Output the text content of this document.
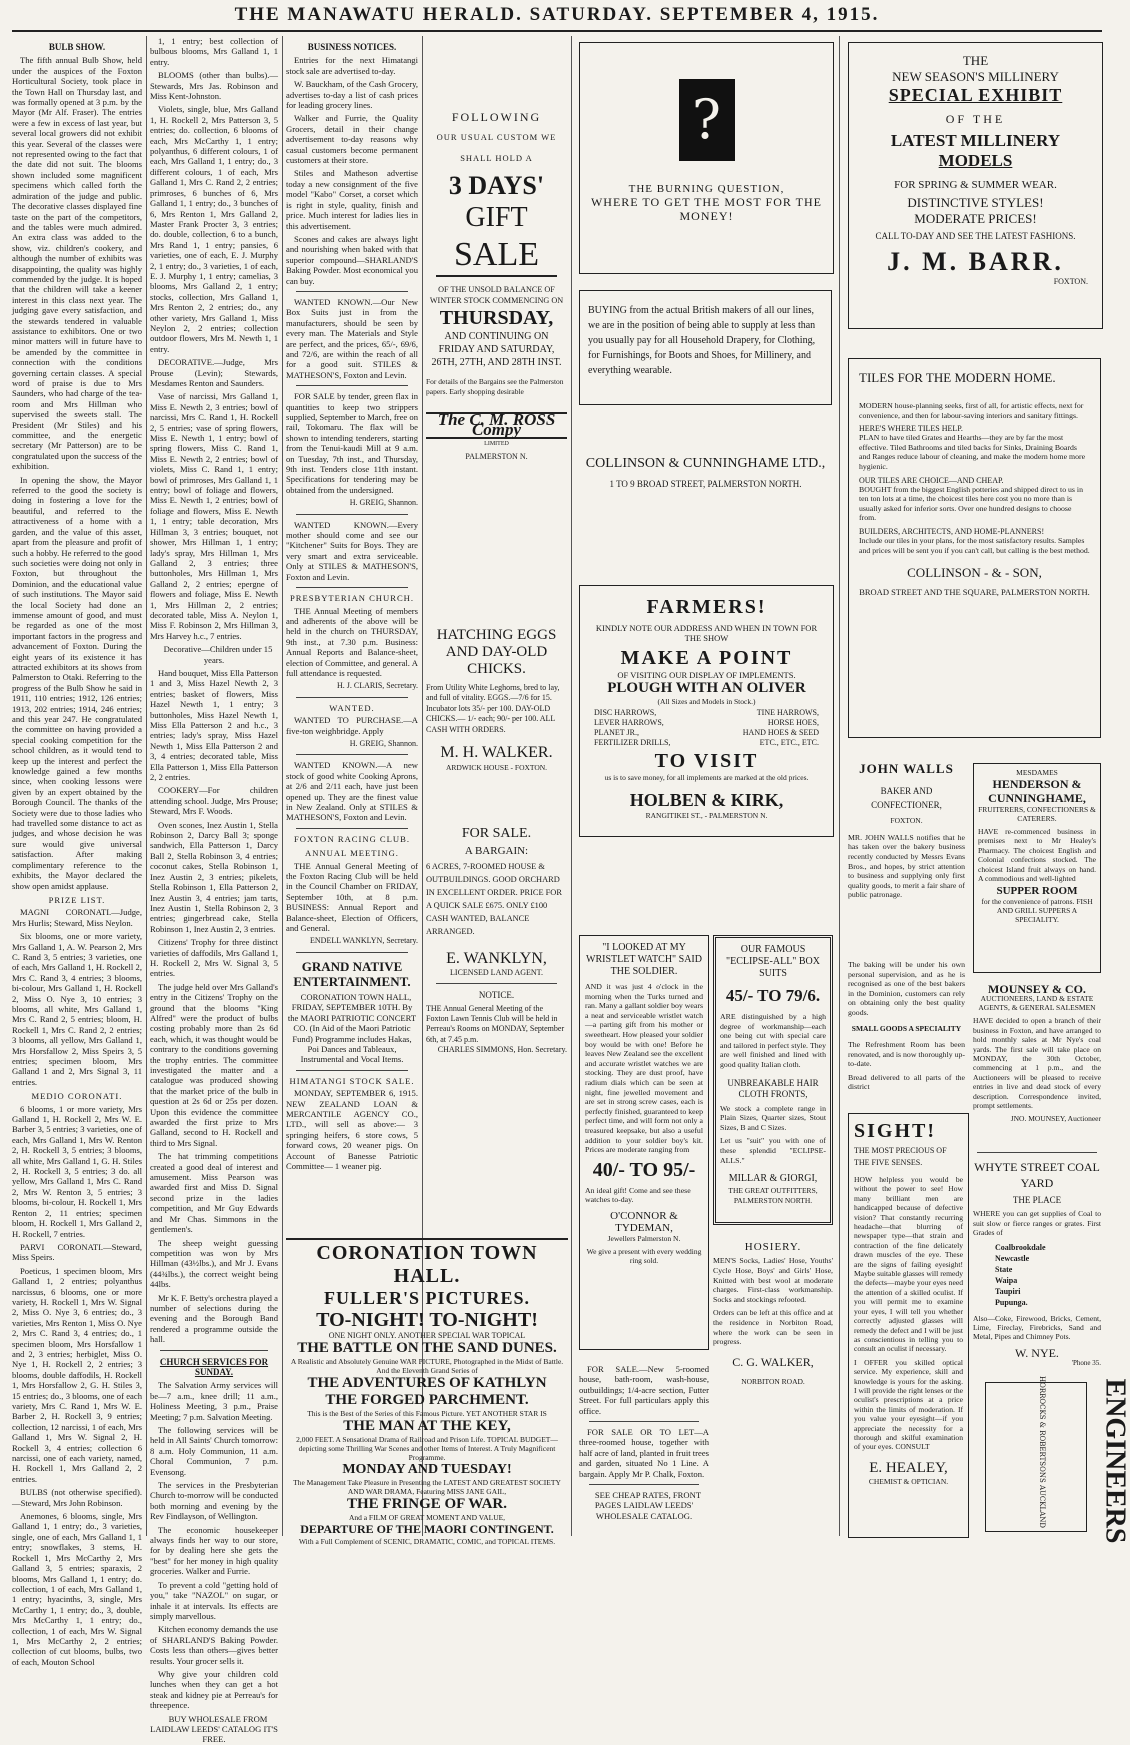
THE MANAWATU HERALD. SATURDAY. SEPTEMBER 4, 1915.
BULB SHOW.

The fifth annual Bulb Show, held under the auspices of the Foxton Horticultural Society, took place in the Town Hall on Thursday last, and was formally opened at 3 p.m. by the Mayor (Mr Alf. Fraser). The entries were a few in excess of last year, but several local growers did not exhibit this year. Several of the classes were not represented owing to the fact that the date did not suit. The blooms shown included some magnificent specimens which called forth the admiration of the judge and public. The decorative classes displayed fine taste on the part of the competitors, and the tables were much admired. An extra class was added to the show, viz. children's cookery, and although the number of exhibits was disappointing, the quality was highly commended by the judge. It is hoped that the children will take a keener interest in this class next year. The judging gave every satisfaction, and the stewards tendered in valuable assistance to exhibitors. One or two minor matters will in future have to be amended by the committee in connection with the conditions governing certain classes. A special word of praise is due to Mrs Saunders, who had charge of the tea-room and Mrs Hillman who supervised the sweets stall. The President (Mr Stiles) and his committee, and the energetic secretary (Mr Patterson) are to be congratulated upon the success of the exhibition.

In opening the show, the Mayor referred to the good the society is doing in fostering a love for the beautiful, and referred to the attractiveness of a home with a garden, and the value of this asset, apart from the pleasure and profit of such a hobby. He referred to the good such societies were doing not only in Foxton, but throughout the Dominion, and the educational value of such institutions. The Mayor said the local Society had done an immense amount of good, and must be regarded as one of the most important factors in the progress and advancement of Foxton. During the eight years of its existence it has attracted exhibitors at its shows from Palmerston to Otaki. Referring to the progress of the Bulb Show he said in 1911, 110 entries; 1912, 126 entries; 1913, 202 entries; 1914, 246 entries; and this year 247. He congratulated the committee on having provided a special cooking competition for the school children, as it would tend to keep up the interest and perfect the knowledge gained a few months since, when cooking lessons were given by an expert obtained by the Borough Council. The thanks of the Society were due to those ladies who had travelled some distance to act as judges, and whose decision he was sure would give universal satisfaction. After making complimentary reference to the exhibits, the Mayor declared the show open amidst applause.

PRIZE LIST.

MAGNI CORONATI.—Judge, Mrs Hurlis; Steward, Miss Neylon.

Six blooms, one or more variety, Mrs Galland 1, A. W. Pearson 2, Mrs C. Rand 3, 5 entries; 3 varieties, one of each, Mrs Galland 1, H. Rockell 2, Mrs C. Rand 3, 4 entries; 3 blooms, bi-colour, Mrs Galland 1, H. Rockell 2, Miss O. Nye 3, 10 entries; 3 blooms, all white, Mrs Galland 1, Mrs C. Rand 2, 5 entries; bloom, H. Rockell 1, Mrs C. Rand 2, 2 entries; 3 blooms, all yellow, Mrs Galland 1, Mrs Horsfallow 2, Miss Speirs 3, 5 entries; specimen bloom, Mrs Galland 1 and 2, Mrs Signal 3, 11 entries.

MEDIO CORONATI.

6 blooms, 1 or more variety, Mrs Galland 1, H. Rockell 2, Mrs W. E. Barber 3, 5 entries; 3 varieties, one of each, Mrs Galland 1, Mrs W. Renton 2, H. Rockell 3, 5 entries; 3 blooms, all white, Mrs Galland 1, G. H. Stiles 2, H. Rockell 3, 5 entries; 3 do. all yellow, Mrs Galland 1, Mrs C. Rand 2, Mrs W. Renton 3, 5 entries; 3 blooms, bi-colour, H. Rockell 1, Mrs Renton 2, 11 entries; specimen bloom, H. Rockell 1, Mrs Galland 2, H. Rockell, 7 entries.

PARVI CORONATI.—Steward, Miss Speirs.

Poeticus, 1 specimen bloom, Mrs Galland 1, 2 entries; polyanthus narcissus, 6 blooms, one or more variety, H. Rockell 1, Mrs W. Signal 2, Miss O. Nye 3, 6 entries; do., 3 varieties, Mrs Renton 1, Miss O. Nye 2, Mrs C. Rand 3, 4 entries; do., 1 specimen bloom, Mrs Horsfallow 1 and 2, 3 entries; herbiglet, Miss O. Nye 1, H. Rockell 2, 2 entries; 3 blooms, double daffodils, H. Rockell 1, Mrs Horsfallow 2, G. H. Stiles 3, 15 entries; do., 3 blooms, one of each variety, Mrs C. Rand 1, Mrs W. E. Barber 2, H. Rockell 3, 9 entries; collection, 12 narcissi, 1 of each, Mrs Galland 1, Mrs W. Signal 2, H. Rockell 3, 4 entries; collection 6 narcissi, one of each variety, named, H. Rockell 1, Mrs Galland 2, 2 entries.

BULBS (not otherwise specified).—Steward, Mrs John Robinson.

Anemones, 6 blooms, single, Mrs Galland 1, 1 entry; do., 3 varieties, single, one of each, Mrs Galland 1, 1 entry; snowflakes, 3 stems, H. Rockell 1, Mrs McCarthy 2, Mrs Galland 3, 5 entries; sparaxis, 2 blooms, Mrs Galland 1, 1 entry; do. collection, 1 of each, Mrs Galland 1, 1 entry; hyacinths, 3, single, Mrs McCarthy 1, 1 entry; do., 3, double, Mrs McCarthy 1, 1 entry; do., collection, 1 of each, Mrs W. Signal 1, Mrs McCarthy 2, 2 entries; collection of cut blooms, bulbs, two of each, Mouton School

1, 1 entry; best collection of bulbous blooms, Mrs Galland 1, 1 entry.

BLOOMS (other than bulbs).—Stewards, Mrs Jas. Robinson and Miss Kent-Johnston.

Violets, single, blue, Mrs Galland 1, H. Rockell 2, Mrs Patterson 3, 5 entries; do. collection, 6 blooms of each, Mrs McCarthy 1, 1 entry; polyanthus, 6 different colours, 1 of each, Mrs Galland 1, 1 entry; do., 3 different colours, 1 of each, Mrs Galland 1, Mrs C. Rand 2, 2 entries; primroses, 6 bunches of 6, Mrs Galland 1, 1 entry; do., 3 bunches of 6, Mrs Renton 1, Mrs Galland 2, Master Frank Procter 3, 3 entries; do. double, collection, 6 to a bunch, Mrs Rand 1, 1 entry; pansies, 6 varieties, one of each, E. J. Murphy 2, 1 entry; do., 3 varieties, 1 of each, E. J. Murphy 1, 1 entry; camelias, 3 blooms, Mrs Galland 2, 1 entry; stocks, collection, Mrs Galland 1, Mrs Renton 2, 2 entries; do., any other variety, Mrs Galland 1, Miss Neylon 2, 2 entries; collection outdoor flowers, Mrs M. Newth 1, 1 entry.

DECORATIVE.—Judge, Mrs Prouse (Levin); Stewards, Mesdames Renton and Saunders.

Vase of narcissi, Mrs Galland 1, Miss E. Newth 2, 3 entries; bowl of narcissi, Mrs C. Rand 1, H. Rockell 2, 5 entries; vase of spring flowers, Miss E. Newth 1, 1 entry; bowl of spring flowers, Miss C. Rand 1, Miss E. Newth 2, 2 entries; bowl of violets, Miss C. Rand 1, 1 entry; bowl of primroses, Mrs Galland 1, 1 entry; bowl of foliage and flowers, Miss E. Newth 1, 2 entries; bowl of foliage and flowers, Miss E. Newth 1, 1 entry; table decoration, Mrs Hillman 3, 3 entries; bouquet, not shower, Mrs Hillman 1, 1 entry; lady's spray, Mrs Hillman 1, Mrs Galland 2, 3 entries; three buttonholes, Mrs Hillman 1, Mrs Galland 2, 2 entries; epergne of flowers and foliage, Miss E. Newth 1, Mrs Hillman 2, 2 entries; decorated table, Miss A. Neylon 1, Miss F. Robinson 2, Mrs Hillman 3, Mrs Harvey h.c., 7 entries.

Decorative—Children under 15 years.

Hand bouquet, Miss Ella Patterson 1 and 3, Miss Hazel Newth 2, 3 entries; basket of flowers, Miss Hazel Newth 1, 1 entry; 3 buttonholes, Miss Hazel Newth 1, Miss Ella Patterson 2 and h.c., 3 entries; lady's spray, Miss Hazel Newth 1, Miss Ella Patterson 2 and 3, 4 entries; decorated table, Miss Ella Patterson 1, Miss Ella Patterson 2, 2 entries.

COOKERY—For children attending school. Judge, Mrs Prouse; Steward, Mrs F. Woods.

Oven scones, Inez Austin 1, Stella Robinson 2, Darcy Ball 3; sponge sandwich, Ella Patterson 1, Darcy Ball 2, Stella Robinson 3, 4 entries; coconut cakes, Stella Robinson 1, Inez Austin 2, 3 entries; pikelets, Stella Robinson 1, Ella Patterson 2, Inez Austin 3, 4 entries; jam tarts, Inez Austin 1, Stella Robinson 2, 3 entries; gingerbread cake, Stella Robinson 1, Inez Austin 2, 3 entries.

Citizens' Trophy for three distinct varieties of daffodils, Mrs Galland 1, H. Rockell 2, Mrs W. Signal 3, 5 entries.

The judge held over Mrs Galland's entry in the Citizens' Trophy on the ground that the blooms "King Alfred" were the product of bulbs costing probably more than 2s 6d each, which, it was thought would be contrary to the conditions governing the trophy entries. The committee investigated the matter and a catalogue was produced showing that the market price of the bulb in question at 2s 6d or 25s per dozen. Upon this evidence the committee awarded the first prize to Mrs Galland, second to H. Rockell and third to Mrs Signal.

The hat trimming competitions created a good deal of interest and amusement. Miss Pearson was awarded first and Miss D. Signal second prize in the ladies competition, and Mr Guy Edwards and Mr Chas. Simmons in the gentlemen's.

The sheep weight guessing competition was won by Mrs Hillman (43½lbs.), and Mr J. Evans (44¾lbs.), the correct weight being 44lbs.

Mr K. F. Betty's orchestra played a number of selections during the evening and the Borough Band rendered a programme outside the hall.

CHURCH SERVICES FOR SUNDAY.

The Salvation Army services will be—7 a.m., knee drill; 11 a.m., Holiness Meeting, 3 p.m., Praise Meeting; 7 p.m. Salvation Meeting.

The following services will be held in All Saints' Church tomorrow: 8 a.m. Holy Communion, 11 a.m. Choral Communion, 7 p.m. Evensong.

The services in the Presbyterian Church to-morrow will be conducted both morning and evening by the Rev Findlayson, of Wellington.

The economic housekeeper always finds her way to our store, for by dealing here she gets the "best" for her money in high quality groceries. Walker and Furrie.

To prevent a cold "getting hold of you," take "NAZOL" on sugar, or inhale it at intervals. Its effects are simply marvellous.

Kitchen economy demands the use of SHARLAND'S Baking Powder. Costs less than others—gives better results. Your grocer sells it.

Why give your children cold lunches when they can get a hot steak and kidney pie at Perreau's for threepence.

BUY WHOLESALE FROM LAIDLAW LEEDS' CATALOG IT'S FREE.

BUSINESS NOTICES.

Entries for the next Himatangi stock sale are advertised to-day.

W. Bauckham, of the Cash Grocery, advertises to-day a list of cash prices for leading grocery lines.

Walker and Furrie, the Quality Grocers, detail in their change advertisement to-day reasons why casual customers become permanent customers at their store.

Stiles and Matheson advertise today a new consignment of the five model "Kabo" Corset, a corset which is right in style, quality, finish and price. Much interest for ladies lies in this advertisement.

Scones and cakes are always light and nourishing when baked with that superior compound—SHARLAND'S Baking Powder. Most economical you can buy.

WANTED KNOWN.—Our New Box Suits just in from the manufacturers, should be seen by every man. The Materials and Style are perfect, and the prices, 65/-, 69/6, and 72/6, are within the reach of all for a good suit. STILES & MATHESON'S, Foxton and Levin.

FOR SALE by tender, green flax in quantities to keep two strippers supplied, September to March, free on rail, Tokomaru. The flax will be shown to intending tenderers, starting from the Tenui-kaudi Mill at 9 a.m. on Tuesday, 7th inst., and Thursday, 9th inst. Tenders close 11th instant. Specifications for tendering may be obtained from the undersigned.

H. GREIG, Shannon.

WANTED KNOWN.—Every mother should come and see our "Kitchener" Suits for Boys. They are very smart and extra serviceable. Only at STILES & MATHESON'S, Foxton and Levin.

PRESBYTERIAN CHURCH.

THE Annual Meeting of members and adherents of the above will be held in the church on THURSDAY, 9th inst., at 7.30 p.m. Business: Annual Reports and Balance-sheet, election of Committee, and general. A full attendance is requested.

H. J. CLARIS, Secretary.
WANTED.

WANTED TO PURCHASE.—A five-ton weighbridge. Apply

H. GREIG, Shannon.

WANTED KNOWN.—A new stock of good white Cooking Aprons, at 2/6 and 2/11 each, have just been opened up. They are the finest value in New Zealand. Only at STILES & MATHESON'S, Foxton and Levin.

FOXTON RACING CLUB.
ANNUAL MEETING.

THE Annual General Meeting of the Foxton Racing Club will be held in the Council Chamber on FRIDAY, September 10th, at 8 p.m. BUSINESS: Annual Report and Balance-sheet, Election of Officers, and General.

ENDELL WANKLYN, Secretary.
GRAND NATIVE ENTERTAINMENT.

CORONATION TOWN HALL, FRIDAY, SEPTEMBER 10TH. By the MAORI PATRIOTIC CONCERT CO. (In Aid of the Maori Patriotic Fund) Programme includes Hakas, Poi Dances and Tableaux, Instrumental and Vocal Items.

HIMATANGI STOCK SALE.

MONDAY, SEPTEMBER 6, 1915. NEW ZEALAND LOAN & MERCANTILE AGENCY CO., LTD., will sell as above:— 3 springing heifers, 6 store cows, 5 forward cows, 20 weaner pigs. On Account of Banesse Patriotic Committee— 1 weaner pig.

FOLLOWING
OUR USUAL CUSTOM WE
SHALL HOLD A
3 DAYS'
GIFT
SALE
OF THE UNSOLD BALANCE OF WINTER STOCK COMMENCING ON
THURSDAY,
AND CONTINUING ON FRIDAY AND SATURDAY, 26TH, 27TH, AND 28TH INST.
For details of the Bargains see the Palmerston papers. Early shopping desirable
The C. M. ROSS Compy
LIMITED
PALMERSTON N.
HATCHING EGGS AND DAY-OLD CHICKS.
From Utility White Leghorns, bred to lay, and full of vitality. EGGS.—7/6 for 15. Incubator lots 35/- per 100. DAY-OLD CHICKS.— 1/- each; 90/- per 100. ALL CASH WITH ORDERS.
M. H. WALKER.
ARDWICK HOUSE - FOXTON.
FOR SALE.
A BARGAIN:
6 ACRES, 7-ROOMED HOUSE & OUTBUILDINGS. GOOD ORCHARD IN EXCELLENT ORDER. PRICE FOR A QUICK SALE £675. ONLY £100 CASH WANTED, BALANCE ARRANGED.
E. WANKLYN,
LICENSED LAND AGENT.
NOTICE.
THE Annual General Meeting of the Foxton Lawn Tennis Club will be held in Perreau's Rooms on MONDAY, September 6th, at 7.45 p.m.
CHARLES SIMMONS, Hon. Secretary.
CORONATION TOWN HALL.
FULLER'S PICTURES.
TO-NIGHT! TO-NIGHT!
ONE NIGHT ONLY. ANOTHER SPECIAL WAR TOPICAL
THE BATTLE ON THE SAND DUNES.
A Realistic and Absolutely Genuine WAR PICTURE, Photographed in the Midst of Battle. And the Eleventh Grand Series of
THE ADVENTURES OF KATHLYN
THE FORGED PARCHMENT.
This is the Best of the Series of this Famous Picture. YET ANOTHER STAR IS
THE MAN AT THE KEY,
2,000 FEET. A Sensational Drama of Railroad and Prison Life. TOPICAL BUDGET—depicting some Thrilling War Scenes and other Items of Interest. A Truly Magnificent Programme.
MONDAY AND TUESDAY!
The Management Take Pleasure in Presenting the LATEST AND GREATEST SOCIETY AND WAR DRAMA, Featuring MISS JANE GAIL,
THE FRINGE OF WAR.
And a FILM OF GREAT MOMENT AND VALUE,
DEPARTURE OF THE MAORI CONTINGENT.
With a Full Complement of SCENIC, DRAMATIC, COMIC, and TOPICAL ITEMS.
?
THE BURNING QUESTION,
WHERE TO GET THE MOST FOR THE MONEY!
BUYING from the actual British makers of all our lines, we are in the position of being able to supply at less than you usually pay for all Household Drapery, for Clothing, for Furnishings, for Boots and Shoes, for Millinery, and everything wearable.
COLLINSON & CUNNINGHAME LTD.,
1 TO 9 BROAD STREET, PALMERSTON NORTH.
FARMERS!
KINDLY NOTE OUR ADDRESS AND WHEN IN TOWN FOR THE SHOW
MAKE A POINT
OF VISITING OUR DISPLAY OF IMPLEMENTS.
PLOUGH WITH AN OLIVER
(All Sizes and Models in Stock.)
DISC HARROWS,
LEVER HARROWS,
PLANET JR.,
FERTILIZER DRILLS,
TINE HARROWS,
HORSE HOES,
HAND HOES & SEED
ETC., ETC., ETC.
TO VISIT
us is to save money, for all implements are marked at the old prices.
HOLBEN & KIRK,
RANGITIKEI ST., - PALMERSTON N.
"I LOOKED AT MY WRISTLET WATCH" SAID THE SOLDIER.
AND it was just 4 o'clock in the morning when the Turks turned and ran. Many a gallant soldier boy wears a neat and serviceable wristlet watch—a parting gift from his mother or sweetheart. How pleased your soldier boy would be with one! Before he leaves New Zealand see the excellent and accurate wristlet watches we are stocking. They are dust proof, have radium dials which can be seen at night, fine jewelled movement and are set in strong screw cases, each is perfectly finished, guaranteed to keep perfect time, and will form not only a treasured keepsake, but also a useful addition to your soldier boy's kit. Prices are moderate ranging from
40/- TO 95/-
An ideal gift! Come and see these watches to-day.
O'CONNOR & TYDEMAN,
Jewellers Palmerston N.
We give a present with every wedding ring sold.

FOR SALE.—New 5-roomed house, bath-room, wash-house, outbuildings; 1/4-acre section, Futter Street. For full particulars apply this office.

FOR SALE OR TO LET—A three-roomed house, together with half acre of land, planted in fruit trees and garden, situated No 1 Line. A bargain. Apply Mr P. Chalk, Foxton.

SEE CHEAP RATES, FRONT PAGES LAIDLAW LEEDS' WHOLESALE CATALOG.

OUR FAMOUS "ECLIPSE-ALL" BOX SUITS
45/- TO 79/6.
ARE distinguished by a high degree of workmanship—each one being cut with special care and tailored in perfect style. They are well finished and lined with good quality Italian cloth.
UNBREAKABLE HAIR CLOTH FRONTS,
We stock a complete range in Plain Sizes, Quarter sizes, Stout Sizes, B and C Sizes.
Let us "suit" you with one of these splendid "ECLIPSE-ALLS."
MILLAR & GIORGI,
THE GREAT OUTFITTERS, PALMERSTON NORTH.
HOSIERY.
MEN'S Socks, Ladies' Hose, Youths' Cycle Hose, Boys' and Girls' Hose, Knitted with best wool at moderate charges. First-class workmanship. Socks and stockings refooted.
Orders can be left at this office and at the residence in Norbiton Road, where the work can be seen in progress.
C. G. WALKER,
NORBITON ROAD.
THE
NEW SEASON'S MILLINERY
SPECIAL EXHIBIT
OF THE
LATEST MILLINERY
MODELS
FOR SPRING & SUMMER WEAR.
DISTINCTIVE STYLES!
MODERATE PRICES!
CALL TO-DAY AND SEE THE LATEST FASHIONS.
J. M. BARR.
FOXTON.
TILES FOR THE MODERN HOME.
MODERN house-planning seeks, first of all, for artistic effects, next for convenience, and then for labour-saving interiors and sanitary fittings.
HERE'S WHERE TILES HELP.
PLAN to have tiled Grates and Hearths—they are by far the most effective. Tiled Bathrooms and tiled backs for Sinks, Draining Boards and Ranges reduce labour of cleaning, and make the modern home more hygienic.
OUR TILES ARE CHOICE—AND CHEAP.
BOUGHT from the biggest English potteries and shipped direct to us in ten ton lots at a time, the choicest tiles here cost you no more than is usually asked for inferior sorts. Over one hundred designs to choose from.
BUILDERS, ARCHITECTS, AND HOME-PLANNERS!
Include our tiles in your plans, for the most satisfactory results. Samples and prices will be sent you if you can't call, but calling is the best method.
COLLINSON - & - SON,
BROAD STREET AND THE SQUARE, PALMERSTON NORTH.
JOHN WALLS
BAKER AND CONFECTIONER,
FOXTON.
MR. JOHN WALLS notifies that he has taken over the bakery business recently conducted by Messrs Evans Bros., and hopes, by strict attention to business and supplying only first quality goods, to merit a fair share of public patronage.
The baking will be under his own personal supervision, and as he is recognised as one of the best bakers in the Dominion, customers can rely on obtaining only the best quality goods.
SMALL GOODS A SPECIALITY
The Refreshment Room has been renovated, and is now thoroughly up-to-date.
Bread delivered to all parts of the district
SIGHT!
THE MOST PRECIOUS OF THE FIVE SENSES.
HOW helpless you would be without the power to see! How many brilliant men are handicapped because of defective vision? That constantly recurring headache—that blurring of newspaper type—that strain and contraction of the fine delicately drawn muscles of the eye. These are the signs of failing eyesight! Maybe suitable glasses will remedy the defects—maybe your eyes need the attention of a skilled oculist. If you will permit me to examine your eyes, I will tell you whether correctly adjusted glasses will remedy the defect and I will be just as conscientious in telling you to consult an oculist if necessary.
I OFFER you skilled optical service. My experience, skill and knowledge is yours for the asking. I will provide the right lenses or the oculist's prescriptions at a price within the limits of moderation. If you value your eyesight—if you appreciate the necessity for a thorough and skilful examination of your eyes. CONSULT
E. HEALEY,
CHEMIST & OPTICIAN.
MESDAMES
HENDERSON & CUNNINGHAME,
FRUITERERS, CONFECTIONERS & CATERERS.
HAVE re-commenced business in premises next to Mr Healey's Pharmacy. The choicest English and Colonial confections stocked. The choicest Island fruit always on hand. A commodious and well-lighted
SUPPER ROOM
for the convenience of patrons. FISH AND GRILL SUPPERS A SPECIALITY.
MOUNSEY & CO.
AUCTIONEERS, LAND & ESTATE AGENTS, & GENERAL SALESMEN
HAVE decided to open a branch of their business in Foxton, and have arranged to hold monthly sales at Mr Nye's coal yards. The first sale will take place on MONDAY, the 30th October, commencing at 1 p.m., and the Auctioneers will be pleased to receive entries in live and dead stock of every description. Correspondence invited, prompt settlements.
JNO. MOUNSEY, Auctioneer
WHYTE STREET COAL YARD
THE PLACE
WHERE you can get supplies of Coal to suit slow or fierce ranges or grates. First Grades of
Coalbrookdale
Newcastle
State
Waipa
Taupiri
Pupunga.
Also—Coke, Firewood, Bricks, Cement, Lime, Fireclay, Firebricks, Sand and Metal, Pipes and Chimney Pots.
W. NYE.
'Phone 35.
ENGINEERS
HORROCKS & ROBERTSONS AUCKLAND
